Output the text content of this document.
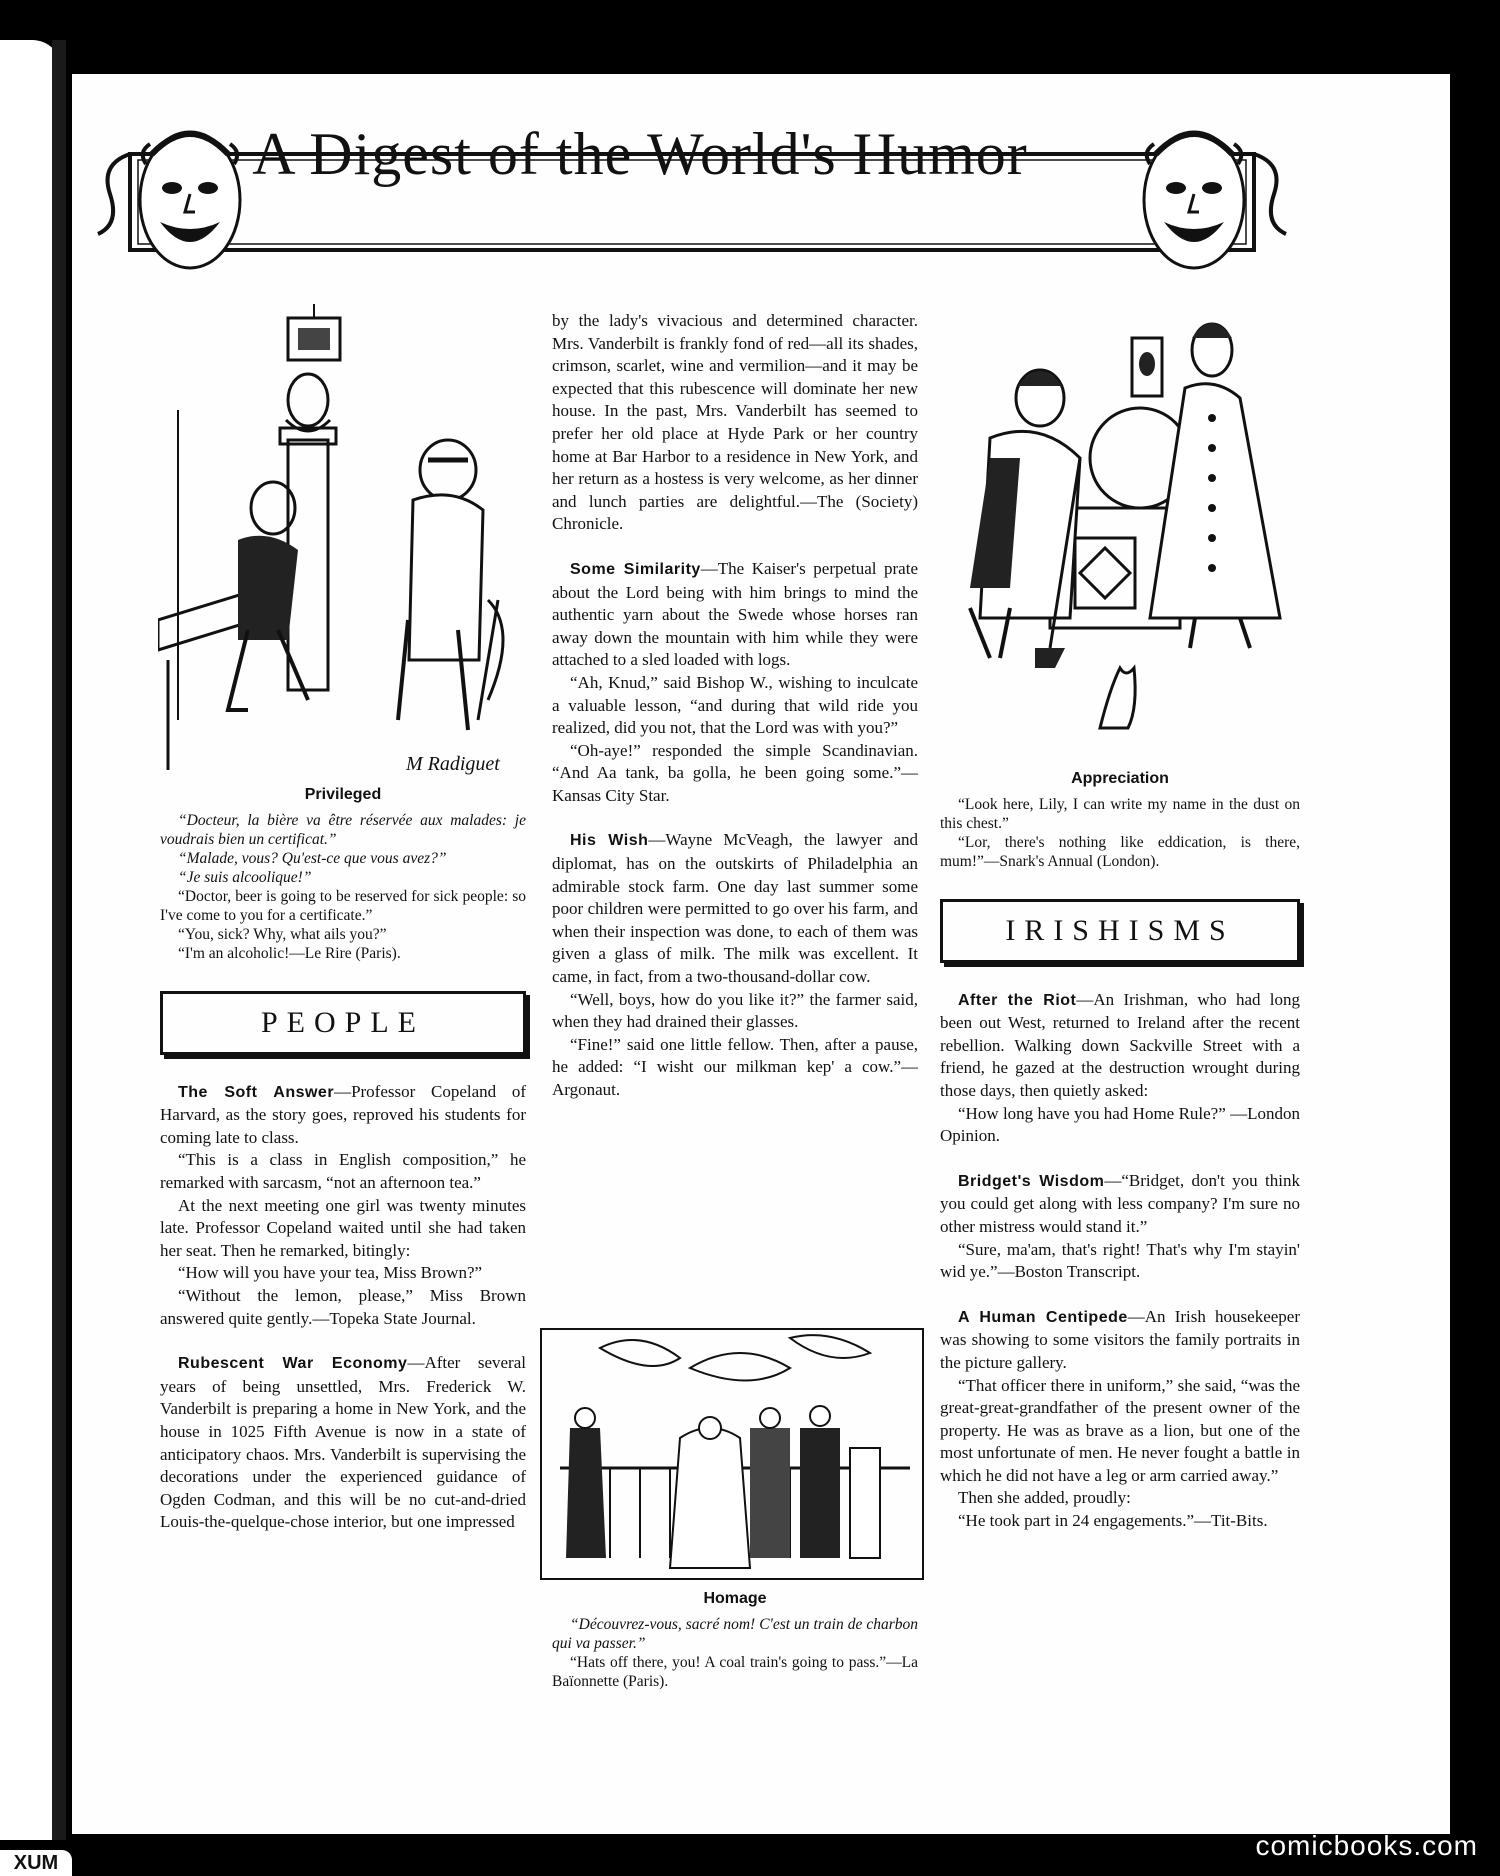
A Digest of the World's Humor
M Radiguet
Privileged

“Docteur, la bière va être réservée aux malades: je voudrais bien un certificat.”

“Malade, vous? Qu'est-ce que vous avez?”

“Je suis alcoolique!”

“Doctor, beer is going to be reserved for sick people: so I've come to you for a certificate.”

“You, sick? Why, what ails you?”

“I'm an alcoholic!—Le Rire (Paris).

PEOPLE

The Soft Answer—Professor Copeland of Harvard, as the story goes, reproved his students for coming late to class.

“This is a class in English composition,” he remarked with sarcasm, “not an afternoon tea.”

At the next meeting one girl was twenty minutes late. Professor Copeland waited until she had taken her seat. Then he remarked, bitingly:

“How will you have your tea, Miss Brown?”

“Without the lemon, please,” Miss Brown answered quite gently.—Topeka State Journal.

Rubescent War Economy—After several years of being unsettled, Mrs. Frederick W. Vanderbilt is preparing a home in New York, and the house in 1025 Fifth Avenue is now in a state of anticipatory chaos. Mrs. Vanderbilt is supervising the decorations under the experienced guidance of Ogden Codman, and this will be no cut-and-dried Louis-the-quelque-chose interior, but one impressed

by the lady's vivacious and determined character. Mrs. Vanderbilt is frankly fond of red—all its shades, crimson, scarlet, wine and vermilion—and it may be expected that this rubescence will dominate her new house. In the past, Mrs. Vanderbilt has seemed to prefer her old place at Hyde Park or her country home at Bar Harbor to a residence in New York, and her return as a hostess is very welcome, as her dinner and lunch parties are delightful.—The (Society) Chronicle.

Some Similarity—The Kaiser's perpetual prate about the Lord being with him brings to mind the authentic yarn about the Swede whose horses ran away down the mountain with him while they were attached to a sled loaded with logs.

“Ah, Knud,” said Bishop W., wishing to inculcate a valuable lesson, “and during that wild ride you realized, did you not, that the Lord was with you?”

“Oh-aye!” responded the simple Scandinavian. “And Aa tank, ba golla, he been going some.”—Kansas City Star.

His Wish—Wayne McVeagh, the lawyer and diplomat, has on the outskirts of Philadelphia an admirable stock farm. One day last summer some poor children were permitted to go over his farm, and when their inspection was done, to each of them was given a glass of milk. The milk was excellent. It came, in fact, from a two-thousand-dollar cow.

“Well, boys, how do you like it?” the farmer said, when they had drained their glasses.

“Fine!” said one little fellow. Then, after a pause, he added: “I wisht our milkman kep' a cow.”—Argonaut.

Homage

“Découvrez-vous, sacré nom! C'est un train de charbon qui va passer.”

“Hats off there, you! A coal train's going to pass.”—La Baïonnette (Paris).

Appreciation

“Look here, Lily, I can write my name in the dust on this chest.”

“Lor, there's nothing like eddication, is there, mum!”—Snark's Annual (London).

IRISHISMS

After the Riot—An Irishman, who had long been out West, returned to Ireland after the recent rebellion. Walking down Sackville Street with a friend, he gazed at the destruction wrought during those days, then quietly asked:

“How long have you had Home Rule?” —London Opinion.

Bridget's Wisdom—“Bridget, don't you think you could get along with less company? I'm sure no other mistress would stand it.”

“Sure, ma'am, that's right! That's why I'm stayin' wid ye.”—Boston Transcript.

A Human Centipede—An Irish housekeeper was showing to some visitors the family portraits in the picture gallery.

“That officer there in uniform,” she said, “was the great-great-grandfather of the present owner of the property. He was as brave as a lion, but one of the most unfortunate of men. He never fought a battle in which he did not have a leg or arm carried away.”

Then she added, proudly:

“He took part in 24 engagements.”—Tit-Bits.

comicbooks.com
XUM
